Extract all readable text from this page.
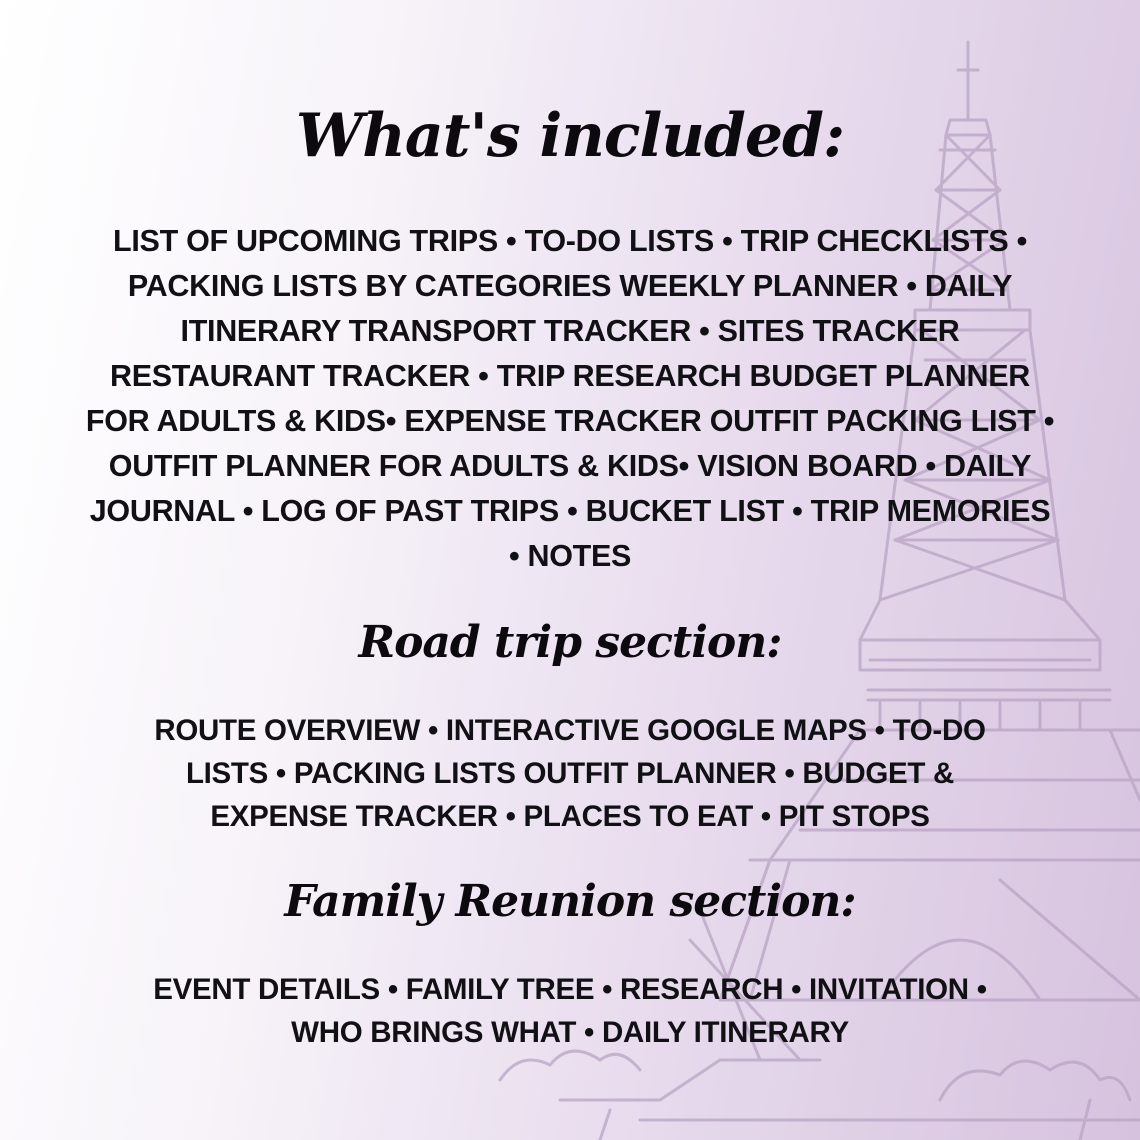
What's included:

LIST OF UPCOMING TRIPS • TO-DO LISTS • TRIP CHECKLISTS •
PACKING LISTS BY CATEGORIES WEEKLY PLANNER • DAILY
ITINERARY TRANSPORT TRACKER • SITES TRACKER
RESTAURANT TRACKER • TRIP RESEARCH BUDGET PLANNER
FOR ADULTS & KIDS• EXPENSE TRACKER OUTFIT PACKING LIST •
OUTFIT PLANNER FOR ADULTS & KIDS• VISION BOARD • DAILY
JOURNAL • LOG OF PAST TRIPS • BUCKET LIST • TRIP MEMORIES
• NOTES

Road trip section:

ROUTE OVERVIEW • INTERACTIVE GOOGLE MAPS • TO-DO
LISTS • PACKING LISTS OUTFIT PLANNER • BUDGET &
EXPENSE TRACKER • PLACES TO EAT • PIT STOPS

Family Reunion section:

EVENT DETAILS • FAMILY TREE • RESEARCH • INVITATION •
WHO BRINGS WHAT • DAILY ITINERARY
